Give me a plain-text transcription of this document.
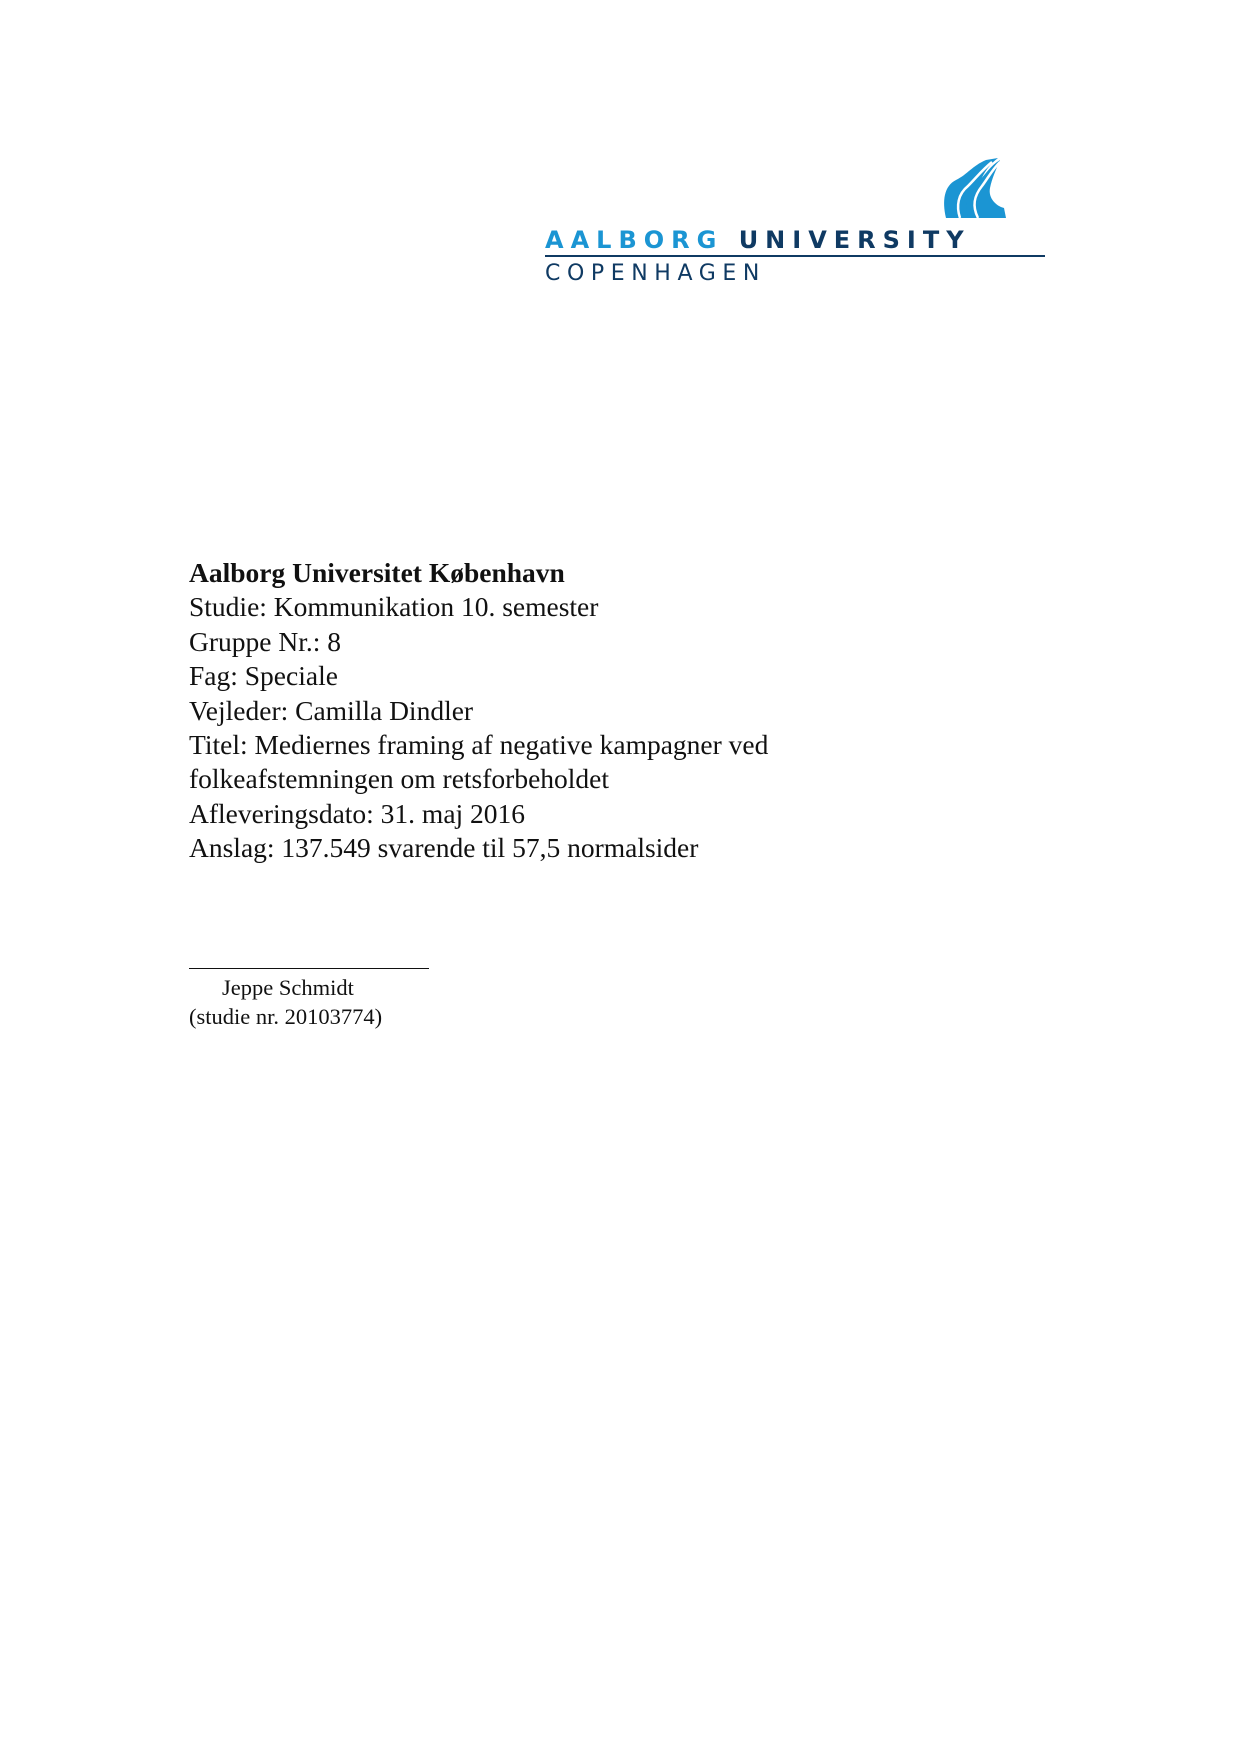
AALBORG UNIVERSITY
COPENHAGEN
Aalborg Universitet København
Studie: Kommunikation 10. semester
Gruppe Nr.: 8
Fag: Speciale
Vejleder: Camilla Dindler
Titel: Mediernes framing af negative kampagner ved
folkeafstemningen om retsforbeholdet
Afleveringsdato: 31. maj 2016
Anslag: 137.549 svarende til 57,5 normalsider
Jeppe Schmidt
(studie nr. 20103774)
